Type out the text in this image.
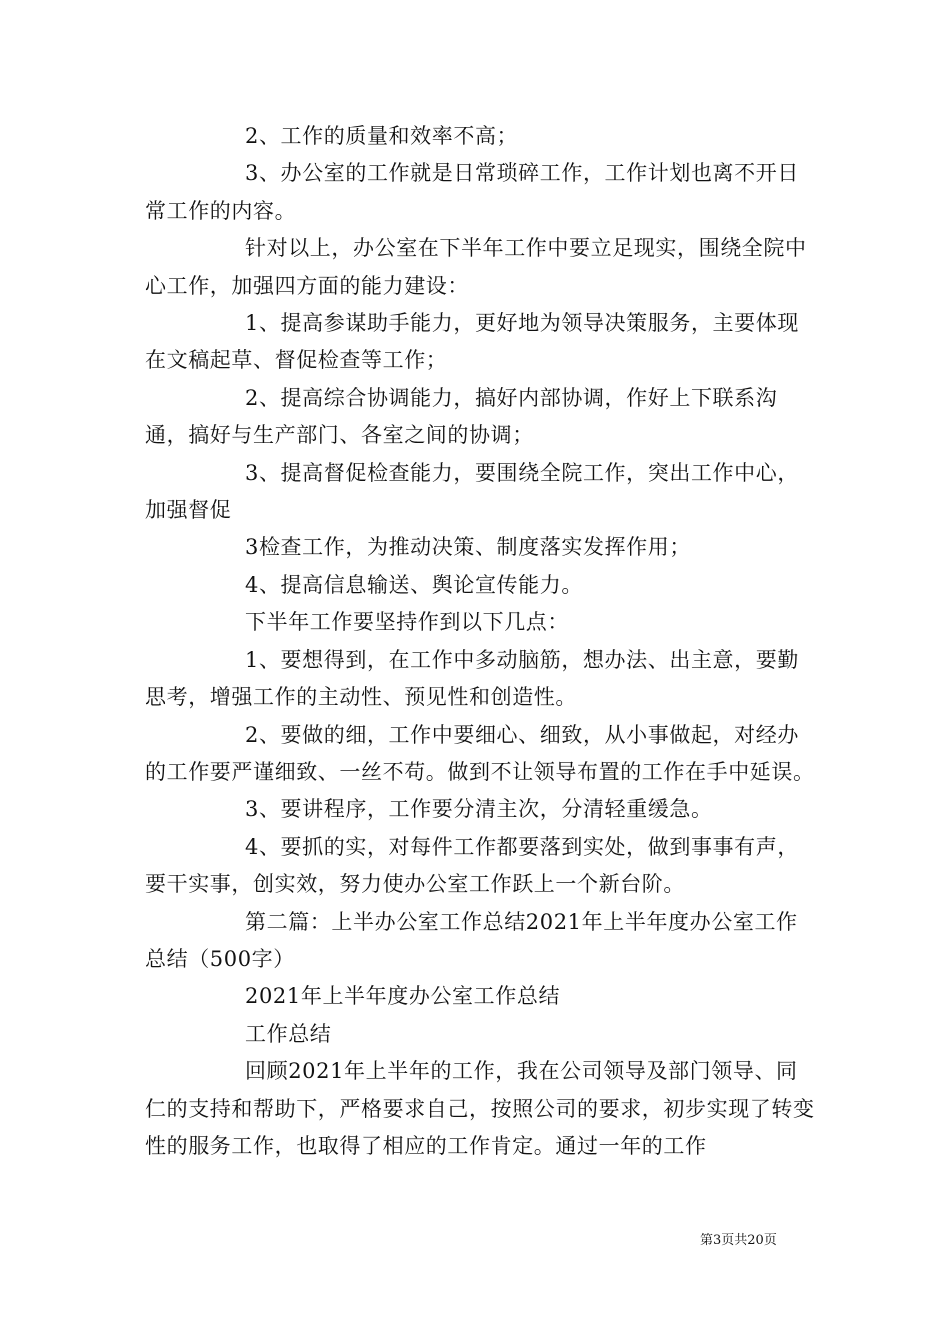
2、工作的质量和效率不高；

3、办公室的工作就是日常琐碎工作，工作计划也离不开日常工作的内容。

针对以上，办公室在下半年工作中要立足现实，围绕全院中心工作，加强四方面的能力建设：

1、提高参谋助手能力，更好地为领导决策服务，主要体现在文稿起草、督促检查等工作；

2、提高综合协调能力，搞好内部协调，作好上下联系沟通，搞好与生产部门、各室之间的协调；

3、提高督促检查能力，要围绕全院工作，突出工作中心，加强督促

3检查工作，为推动决策、制度落实发挥作用；

4、提高信息输送、舆论宣传能力。

下半年工作要坚持作到以下几点：

1、要想得到，在工作中多动脑筋，想办法、出主意，要勤思考，增强工作的主动性、预见性和创造性。

2、要做的细，工作中要细心、细致，从小事做起，对经办的工作要严谨细致、一丝不苟。做到不让领导布置的工作在手中延误。

3、要讲程序，工作要分清主次，分清轻重缓急。

4、要抓的实，对每件工作都要落到实处，做到事事有声，要干实事，创实效，努力使办公室工作跃上一个新台阶。

第二篇：上半办公室工作总结2021年上半年度办公室工作总结（500字）

2021年上半年度办公室工作总结

工作总结

回顾2021年上半年的工作，我在公司领导及部门领导、同仁的支持和帮助下，严格要求自己，按照公司的要求，初步实现了转变性的服务工作，也取得了相应的工作肯定。通过一年的工作

第3页共20页
